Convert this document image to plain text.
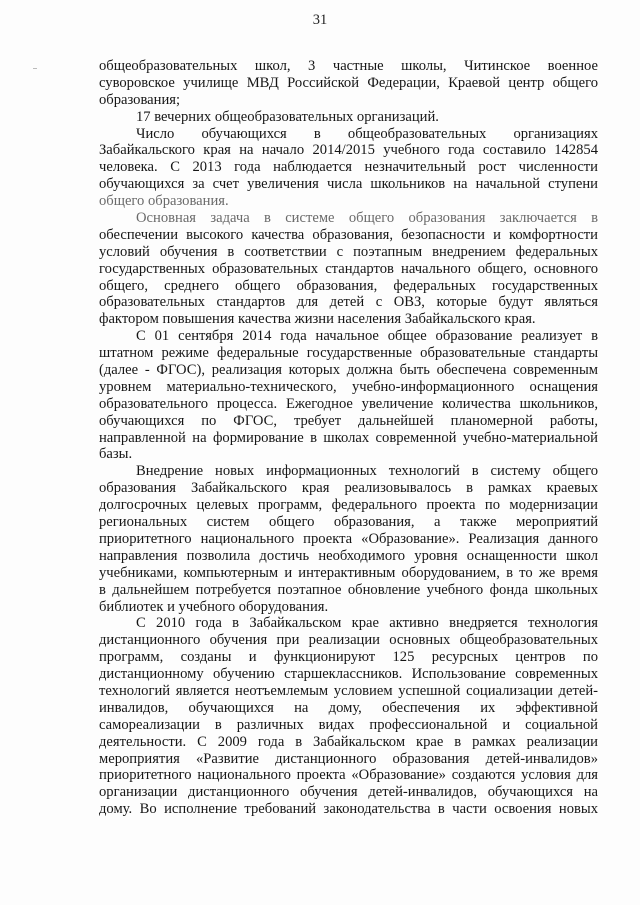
31
общеобразовательных школ, 3 частные школы, Читинское военное
суворовское училище МВД Российской Федерации, Краевой центр общего
образования;
17 вечерних общеобразовательных организаций.
Число обучающихся в общеобразовательных организациях
Забайкальского края на начало 2014/2015 учебного года составило 142854
человека. С 2013 года наблюдается незначительный рост численности
обучающихся за счет увеличения числа школьников на начальной ступени
общего образования.
Основная задача в системе общего образования заключается в
обеспечении высокого качества образования, безопасности и комфортности
условий обучения в соответствии с поэтапным внедрением федеральных
государственных образовательных стандартов начального общего, основного
общего, среднего общего образования, федеральных государственных
образовательных стандартов для детей с ОВЗ, которые будут являться
фактором повышения качества жизни населения Забайкальского края.
С 01 сентября 2014 года начальное общее образование реализует в
штатном режиме федеральные государственные образовательные стандарты
(далее - ФГОС), реализация которых должна быть обеспечена современным
уровнем материально-технического, учебно-информационного оснащения
образовательного процесса. Ежегодное увеличение количества школьников,
обучающихся по ФГОС, требует дальнейшей планомерной работы,
направленной на формирование в школах современной учебно-материальной
базы.
Внедрение новых информационных технологий в систему общего
образования Забайкальского края реализовывалось в рамках краевых
долгосрочных целевых программ, федерального проекта по модернизации
региональных систем общего образования, а также мероприятий
приоритетного национального проекта «Образование». Реализация данного
направления позволила достичь необходимого уровня оснащенности школ
учебниками, компьютерным и интерактивным оборудованием, в то же время
в дальнейшем потребуется поэтапное обновление учебного фонда школьных
библиотек и учебного оборудования.
С 2010 года в Забайкальском крае активно внедряется технология
дистанционного обучения при реализации основных общеобразовательных
программ, созданы и функционируют 125 ресурсных центров по
дистанционному обучению старшеклассников. Использование современных
технологий является неотъемлемым условием успешной социализации детей-
инвалидов, обучающихся на дому, обеспечения их эффективной
самореализации в различных видах профессиональной и социальной
деятельности. С 2009 года в Забайкальском крае в рамках реализации
мероприятия «Развитие дистанционного образования детей-инвалидов»
приоритетного национального проекта «Образование» создаются условия для
организации дистанционного обучения детей-инвалидов, обучающихся на
дому. Во исполнение требований законодательства в части освоения новых
